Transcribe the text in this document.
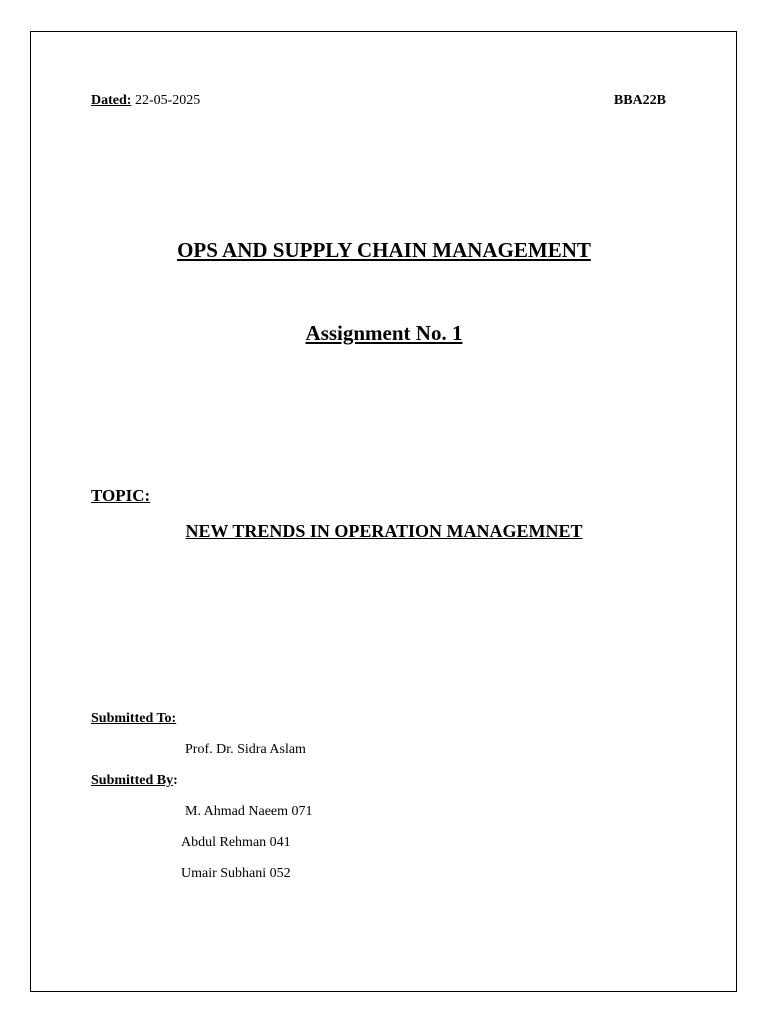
Dated: 22-05-2025	BBA22B
OPS AND SUPPLY CHAIN MANAGEMENT
Assignment No. 1
TOPIC:
NEW TRENDS IN OPERATION MANAGEMNET
Submitted To:
Prof. Dr. Sidra Aslam
Submitted By:
M. Ahmad Naeem 071
Abdul Rehman 041
Umair Subhani 052
